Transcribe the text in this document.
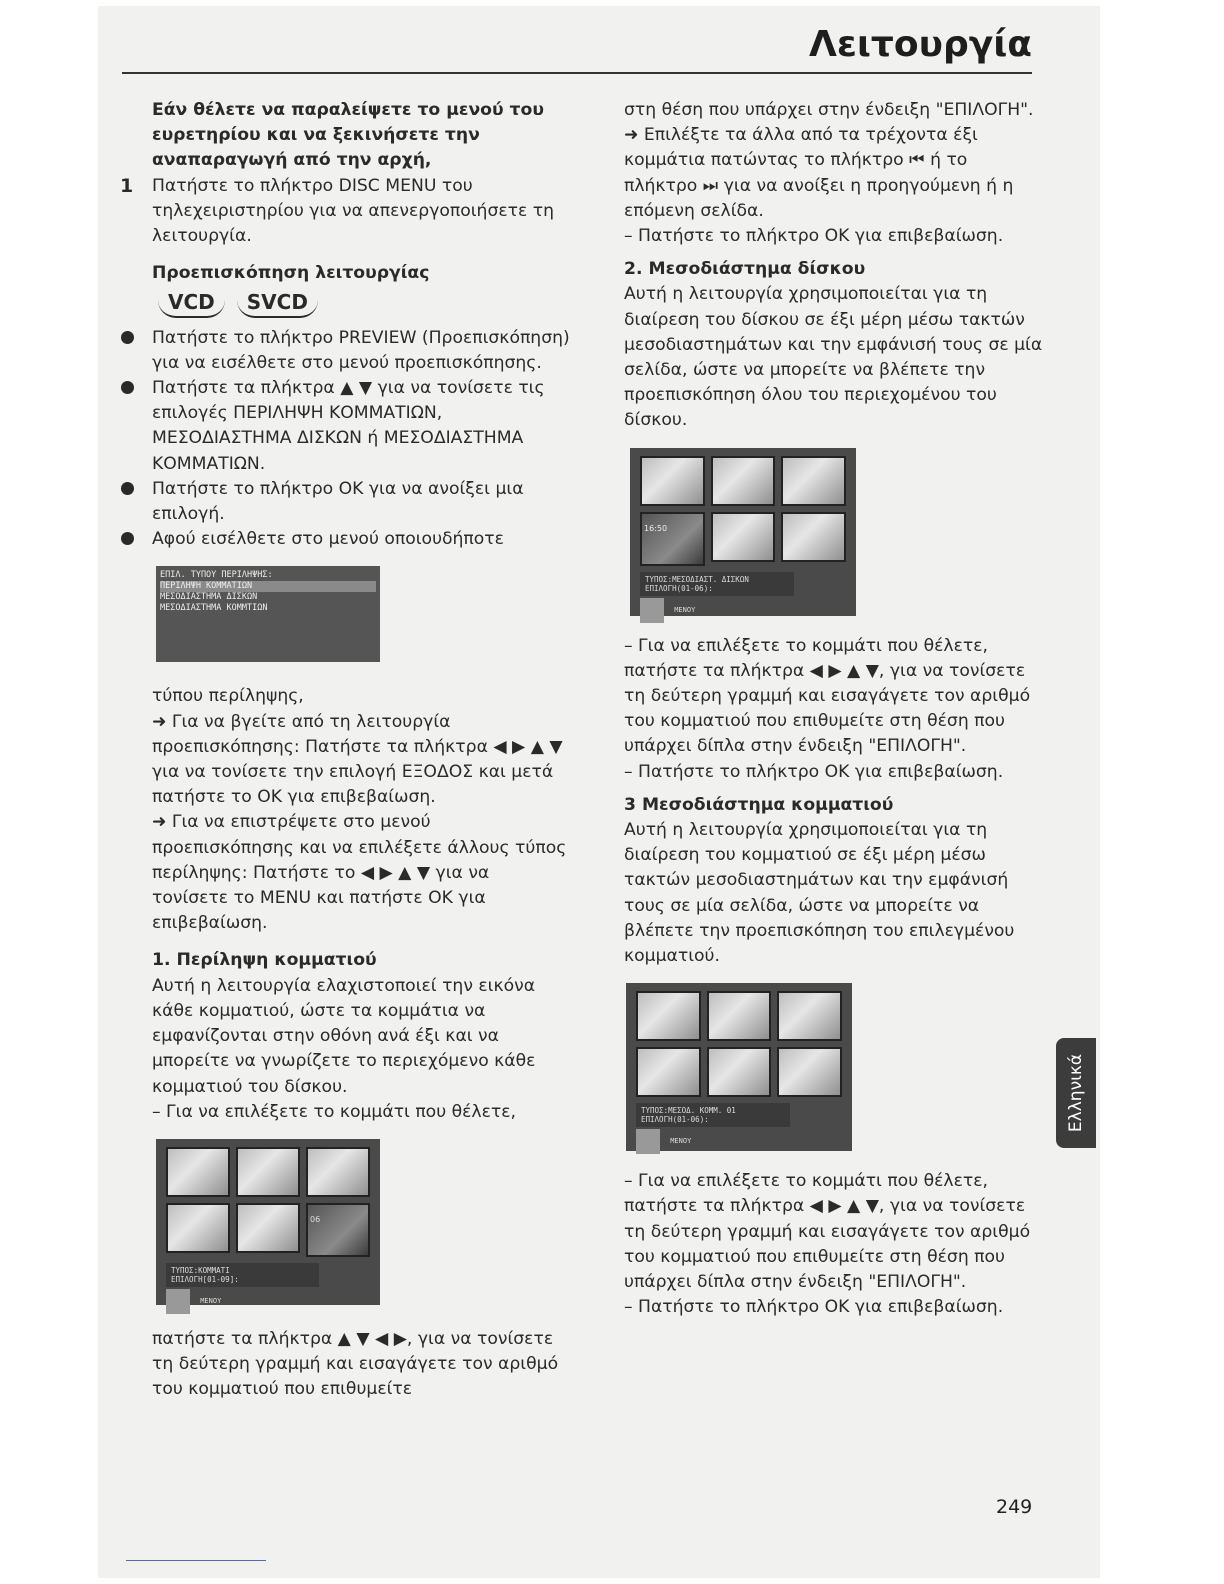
Λειτουργία

Εάν θέλετε να παραλείψετε το μενού του ευρετηρίου και να ξεκινήσετε την αναπαραγωγή από την αρχή,

1 Πατήστε το πλήκτρο DISC MENU του τηλεχειριστηρίου για να απενεργοποιήσετε τη λειτουργία.

Προεπισκόπηση λειτουργίας

VCD	SVCD

Πατήστε το πλήκτρο PREVIEW (Προεπισκόπηση) για να εισέλθετε στο μενού προεπισκόπησης.

Πατήστε τα πλήκτρα ▲ ▼ για να τονίσετε τις επιλογές ΠΕΡΙΛΗΨΗ ΚΟΜΜΑΤΙΩΝ, ΜΕΣΟΔΙΑΣΤΗΜΑ ΔΙΣΚΩΝ ή ΜΕΣΟΔΙΑΣΤΗΜΑ ΚΟΜΜΑΤΙΩΝ.

Πατήστε το πλήκτρο OK για να ανοίξει μια επιλογή.

Αφού εισέλθετε στο μενού οποιουδήποτε

ΕΠΙΛ. ΤΥΠΟΥ ΠΕΡΙΛΗΨΗΣ:
ΠΕΡΙΛΗΨΗ ΚΟΜΜΑΤΙΩΝ
ΜΕΣΟΔΙΑΣΤΗΜΑ ΔΙΣΚΩΝ
ΜΕΣΟΔΙΑΣΤΗΜΑ ΚΟΜΜΤΙΩΝ

τύπου περίληψης,

➜ Για να βγείτε από τη λειτουργία προεπισκόπησης: Πατήστε τα πλήκτρα ◀ ▶ ▲ ▼ για να τονίσετε την επιλογή ΕΞΟΔΟΣ και μετά πατήστε το OK για επιβεβαίωση.

➜ Για να επιστρέψετε στο μενού προεπισκόπησης και να επιλέξετε άλλους τύπος περίληψης: Πατήστε το ◀ ▶ ▲ ▼ για να τονίσετε το MENU και πατήστε OK για επιβεβαίωση.

1. Περίληψη κομματιού

Αυτή η λειτουργία ελαχιστοποιεί την εικόνα κάθε κομματιού, ώστε τα κομμάτια να εμφανίζονται στην οθόνη ανά έξι και να μπορείτε να γνωρίζετε το περιεχόμενο κάθε κομματιού του δίσκου.

– Για να επιλέξετε το κομμάτι που θέλετε,

06
ΤΥΠΟΣ:ΚΟΜΜΑΤΙ
ΕΠΙΛΟΓΗ[01-09]:

ΜΕΝΟΥ

πατήστε τα πλήκτρα ▲ ▼ ◀ ▶, για να τονίσετε τη δεύτερη γραμμή και εισαγάγετε τον αριθμό του κομματιού που επιθυμείτε

στη θέση που υπάρχει στην ένδειξη "ΕΠΙΛΟΓΗ".

➜ Επιλέξτε τα άλλα από τα τρέχοντα έξι κομμάτια πατώντας το πλήκτρο ⏮ ή το πλήκτρο ⏭ για να ανοίξει η προηγούμενη ή η επόμενη σελίδα.

– Πατήστε το πλήκτρο OK για επιβεβαίωση.

2. Μεσοδιάστημα δίσκου

Αυτή η λειτουργία χρησιμοποιείται για τη διαίρεση του δίσκου σε έξι μέρη μέσω τακτών μεσοδιαστημάτων και την εμφάνισή τους σε μία σελίδα, ώστε να μπορείτε να βλέπετε την προεπισκόπηση όλου του περιεχομένου του δίσκου.

16:50
ΤΥΠΟΣ:ΜΕΣΟΔΙΑΣΤ. ΔΙΣΚΩΝ
ΕΠΙΛΟΓΗ(01-06):

ΜΕΝΟΥ

– Για να επιλέξετε το κομμάτι που θέλετε, πατήστε τα πλήκτρα ◀ ▶ ▲ ▼, για να τονίσετε τη δεύτερη γραμμή και εισαγάγετε τον αριθμό του κομματιού που επιθυμείτε στη θέση που υπάρχει δίπλα στην ένδειξη "ΕΠΙΛΟΓΗ".

– Πατήστε το πλήκτρο OK για επιβεβαίωση.

3 Μεσοδιάστημα κομματιού

Αυτή η λειτουργία χρησιμοποιείται για τη διαίρεση του κομματιού σε έξι μέρη μέσω τακτών μεσοδιαστημάτων και την εμφάνισή τους σε μία σελίδα, ώστε να μπορείτε να βλέπετε την προεπισκόπηση του επιλεγμένου κομματιού.

ΤΥΠΟΣ:ΜΕΣΟΔ. ΚΟΜΜ. 01
ΕΠΙΛΟΓΗ(01-06):

ΜΕΝΟΥ

– Για να επιλέξετε το κομμάτι που θέλετε, πατήστε τα πλήκτρα ◀ ▶ ▲ ▼, για να τονίσετε τη δεύτερη γραμμή και εισαγάγετε τον αριθμό του κομματιού που επιθυμείτε στη θέση που υπάρχει δίπλα στην ένδειξη "ΕΠΙΛΟΓΗ".

– Πατήστε το πλήκτρο OK για επιβεβαίωση.

Ελληνικά
249
